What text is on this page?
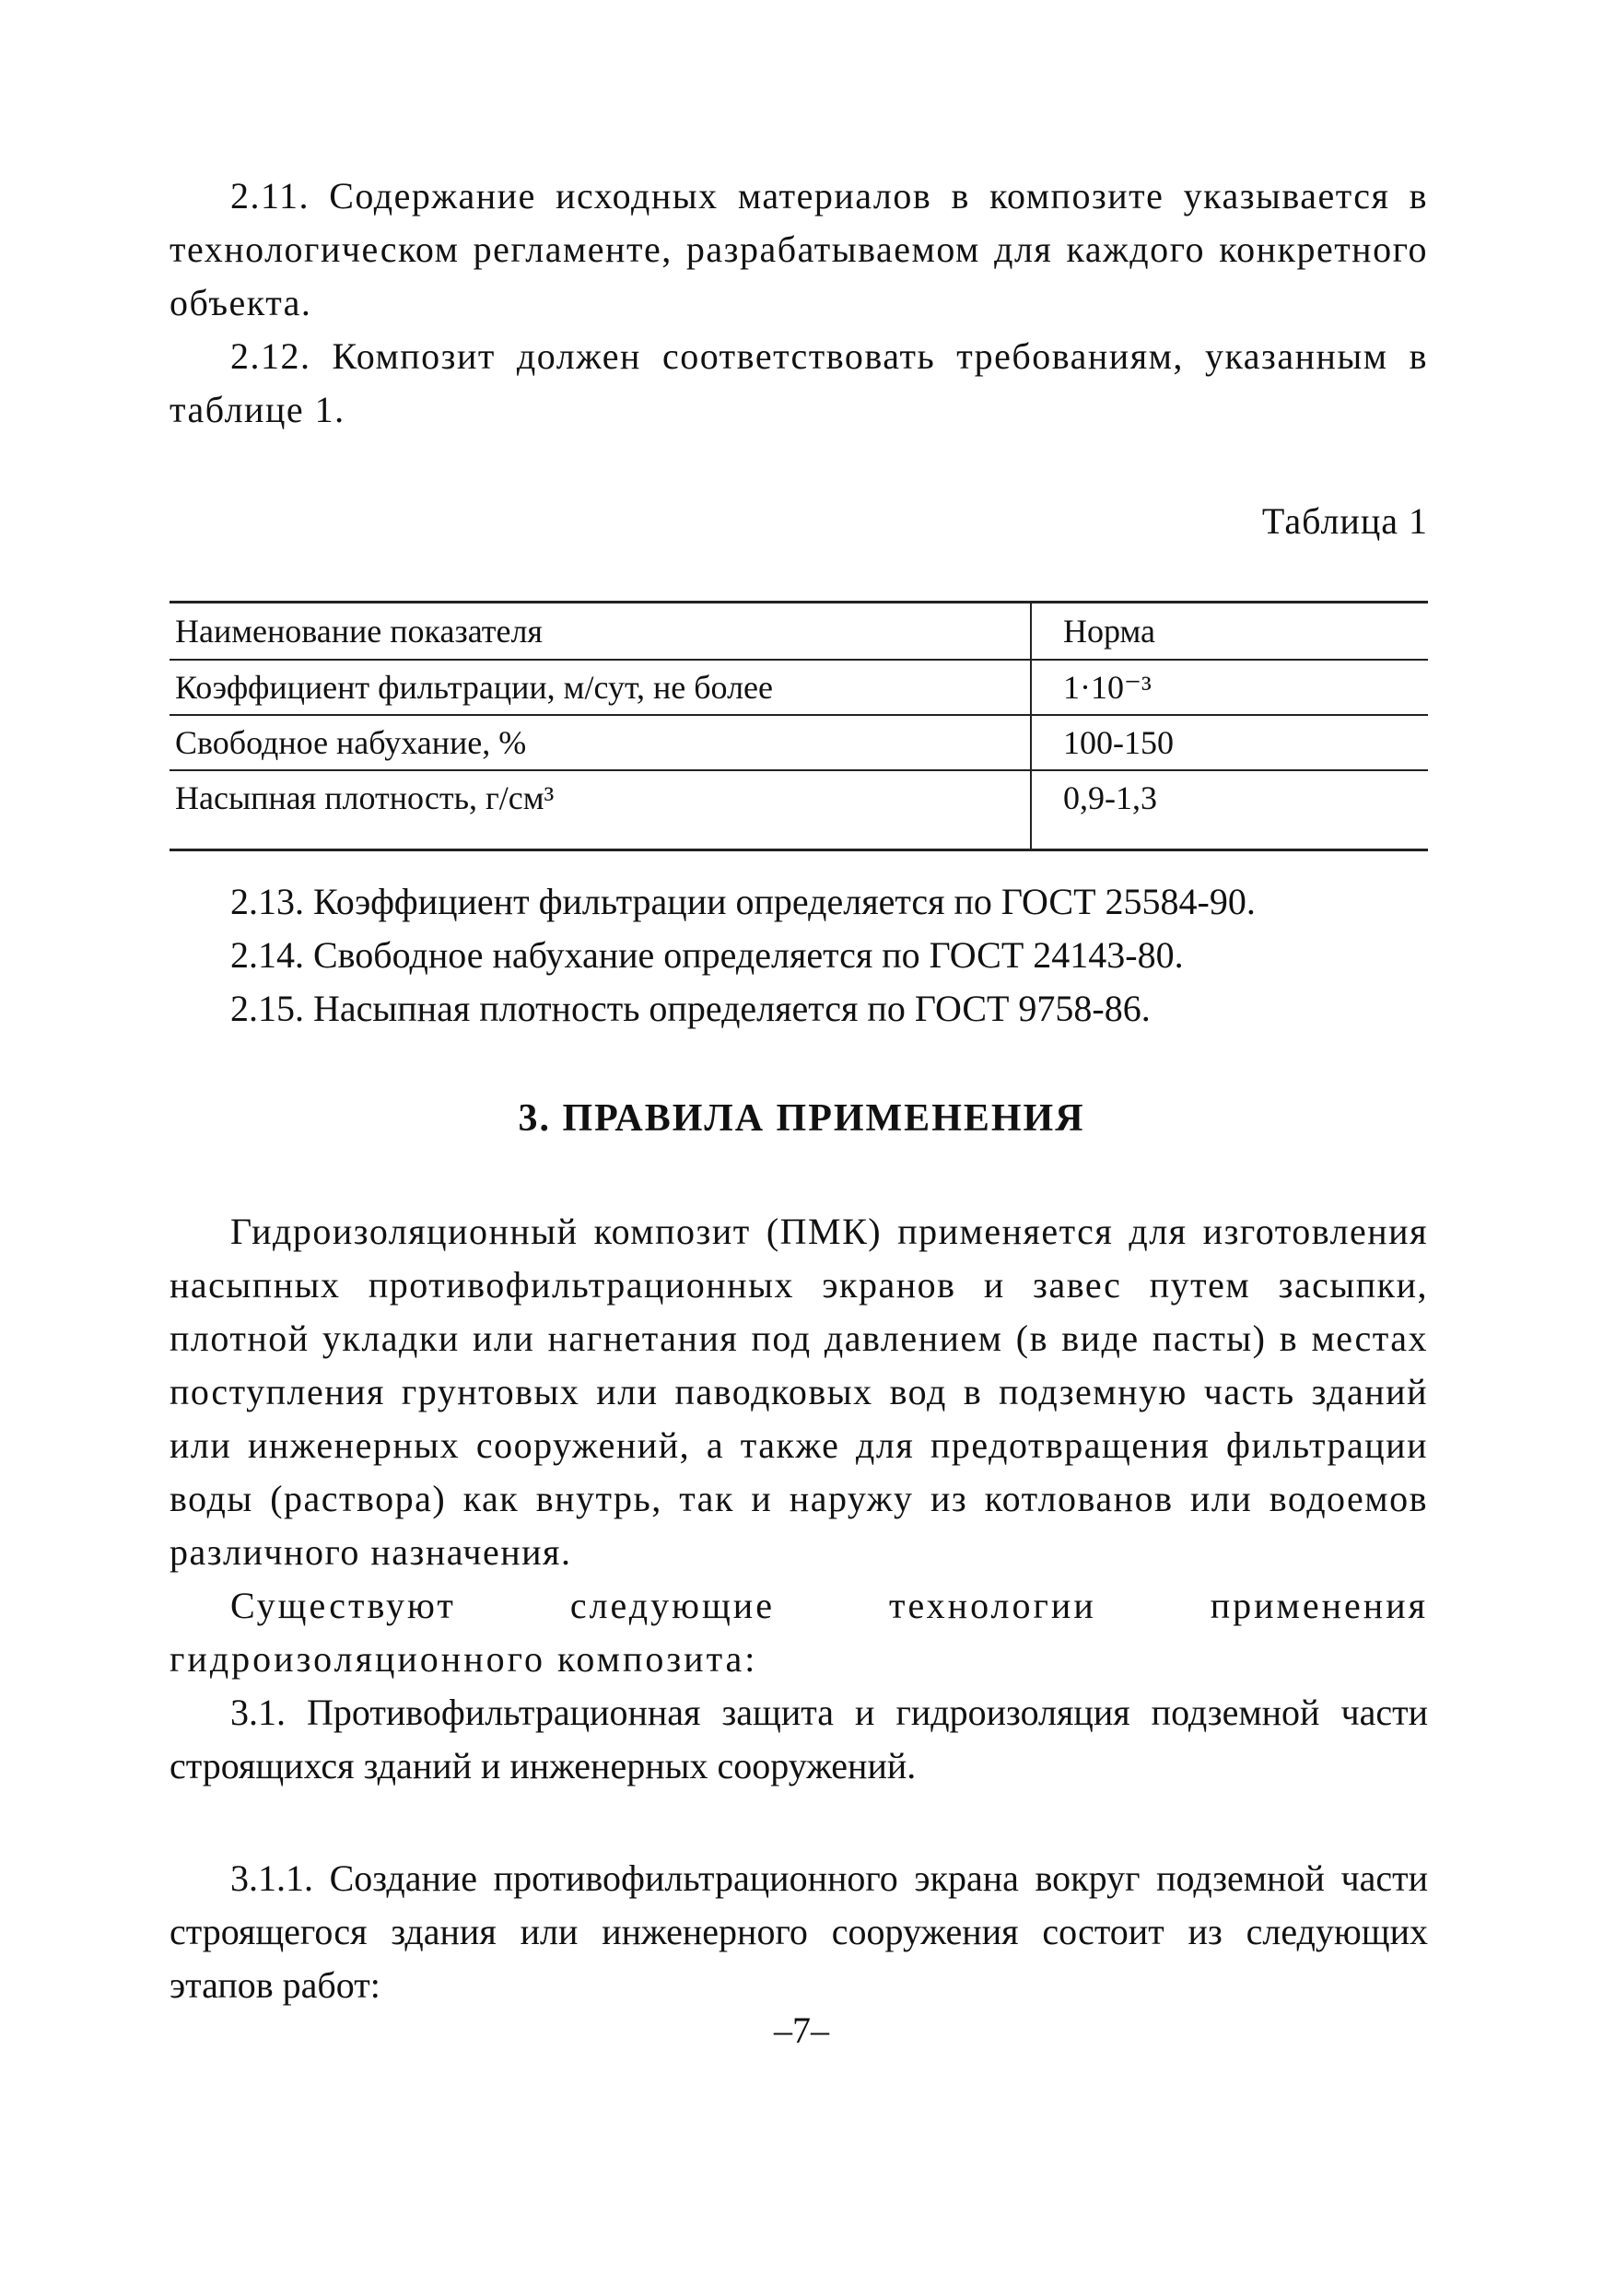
2.11. Содержание исходных материалов в композите указывается в технологическом регламенте, разрабатываемом для каждого конкретного объекта.

2.12. Композит должен соответствовать требованиям, указанным в таблице 1.

Таблица 1
Наименование показателя	Норма
Коэффициент фильтрации, м/сут, не более	1·10⁻³
Свободное набухание, %	100-150
Насыпная плотность, г/см³	0,9-1,3

2.13. Коэффициент фильтрации определяется по ГОСТ 25584-90.

2.14. Свободное набухание определяется по ГОСТ 24143-80.

2.15. Насыпная плотность определяется по ГОСТ 9758-86.

3. ПРАВИЛА ПРИМЕНЕНИЯ

Гидроизоляционный композит (ПМК) применяется для изготовления насыпных противофильтрационных экранов и завес путем засыпки, плотной укладки или нагнетания под давлением (в виде пасты) в местах поступления грунтовых или паводковых вод в подземную часть зданий или инженерных сооружений, а также для предотвращения фильтрации воды (раствора) как внутрь, так и наружу из котлованов или водоемов различного назначения.

Существуют следующие технологии применения гидроизоляционного композита:

3.1. Противофильтрационная защита и гидроизоляция подземной части строящихся зданий и инженерных сооружений.

3.1.1. Создание противофильтрационного экрана вокруг подземной части строящегося здания или инженерного сооружения состоит из следующих этапов работ:

–7–
